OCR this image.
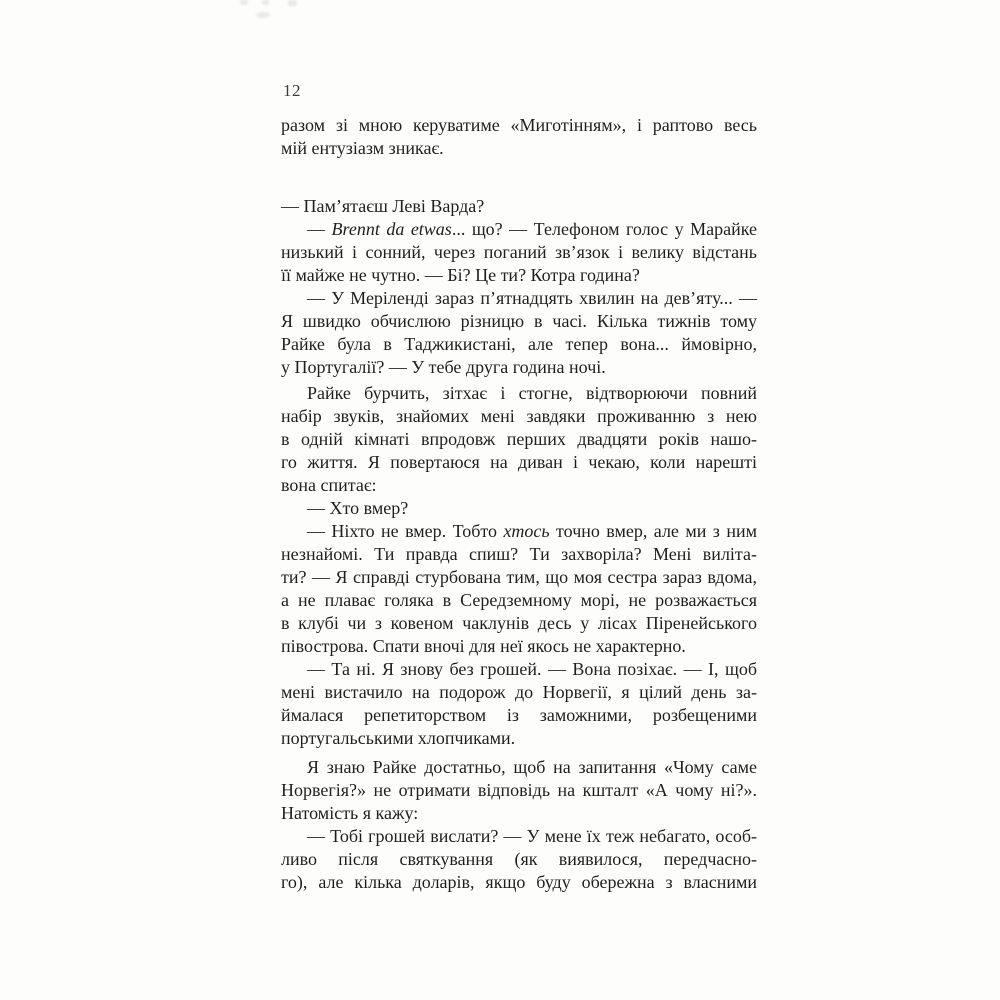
12
разом зі мною керуватиме «Миготінням», і раптово весь
мій ентузіазм зникає.
— Пам’ятаєш Леві Варда?
— Brennt da etwas... що? — Телефоном голос у Марайке
низький і сонний, через поганий зв’язок і велику відстань
її майже не чутно. — Бі? Це ти? Котра година?
— У Меріленді зараз п’ятнадцять хвилин на дев’яту... —
Я швидко обчислюю різницю в часі. Кілька тижнів тому
Райке була в Таджикистані, але тепер вона... ймовірно,
у Португалії? — У тебе друга година ночі.
Райке бурчить, зітхає і стогне, відтворюючи повний
набір звуків, знайомих мені завдяки проживанню з нею
в одній кімнаті впродовж перших двадцяти років нашо-
го життя. Я повертаюся на диван і чекаю, коли нарешті
вона спитає:
— Хто вмер?
— Ніхто не вмер. Тобто хтось точно вмер, але ми з ним
незнайомі. Ти правда спиш? Ти захворіла? Мені виліта-
ти? — Я справді стурбована тим, що моя сестра зараз вдома,
а не плаває голяка в Середземному морі, не розважається
в клубі чи з ковеном чаклунів десь у лісах Піренейського
півострова. Спати вночі для неї якось не характерно.
— Та ні. Я знову без грошей. — Вона позіхає. — І, щоб
мені вистачило на подорож до Норвегії, я цілий день за-
ймалася репетиторством із заможними, розбещеними
португальськими хлопчиками.
Я знаю Райке достатньо, щоб на запитання «Чому саме
Норвегія?» не отримати відповідь на кшталт «А чому ні?».
Натомість я кажу:
— Тобі грошей вислати? — У мене їх теж небагато, особ-
ливо після святкування (як виявилося, передчасно-
го), але кілька доларів, якщо буду обережна з власними
